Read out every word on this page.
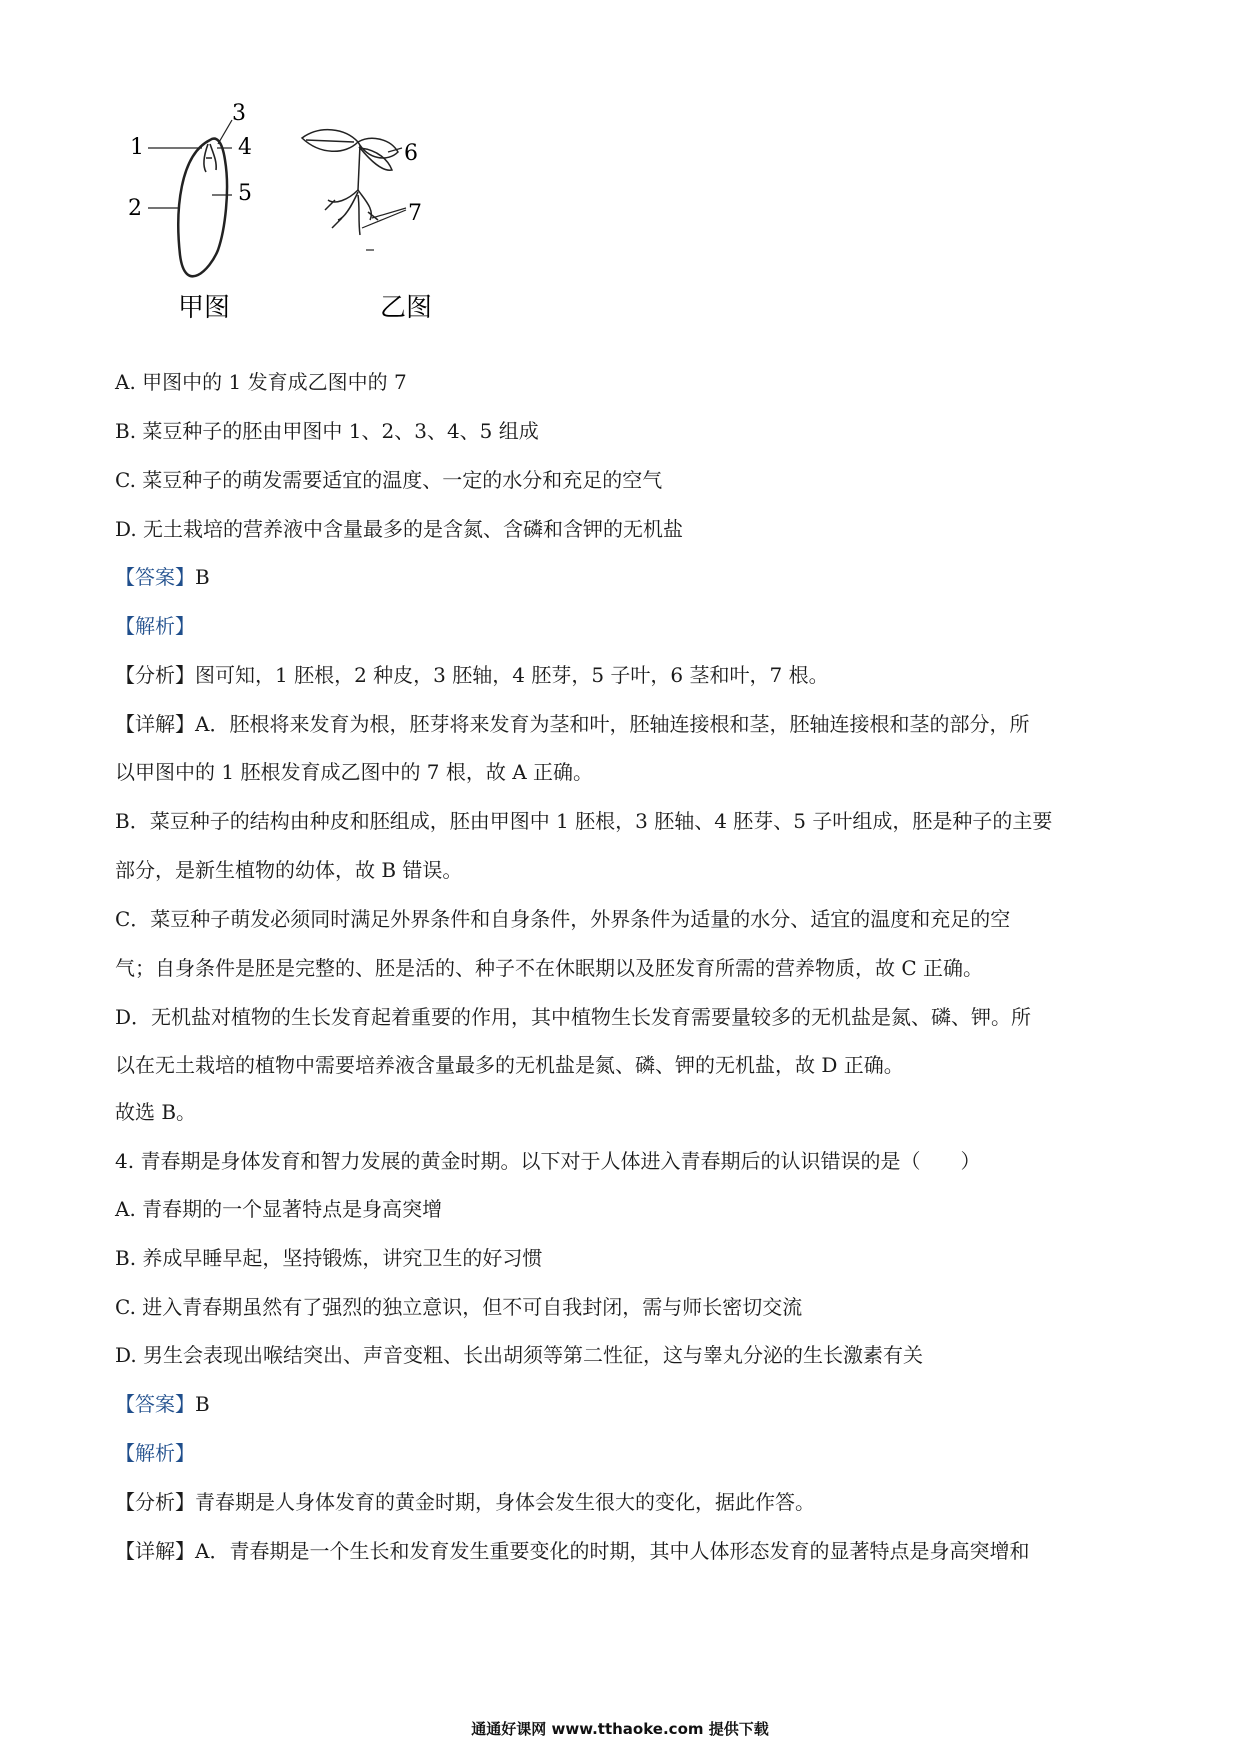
1
2
3
4
5
6
7
甲图	乙图
A. 甲图中的 1 发育成乙图中的 7
B. 菜豆种子的胚由甲图中 1、2、3、4、5 组成
C. 菜豆种子的萌发需要适宜的温度、一定的水分和充足的空气
D. 无土栽培的营养液中含量最多的是含氮、含磷和含钾的无机盐
【答案】B
【解析】
【分析】图可知，1 胚根，2 种皮，3 胚轴，4 胚芽，5 子叶，6 茎和叶，7 根。
【详解】A．胚根将来发育为根，胚芽将来发育为茎和叶，胚轴连接根和茎，胚轴连接根和茎的部分，所
以甲图中的 1 胚根发育成乙图中的 7 根，故 A 正确。
B．菜豆种子的结构由种皮和胚组成，胚由甲图中 1 胚根，3 胚轴、4 胚芽、5 子叶组成，胚是种子的主要
部分，是新生植物的幼体，故 B 错误。
C．菜豆种子萌发必须同时满足外界条件和自身条件，外界条件为适量的水分、适宜的温度和充足的空
气；自身条件是胚是完整的、胚是活的、种子不在休眠期以及胚发育所需的营养物质，故 C 正确。
D．无机盐对植物的生长发育起着重要的作用，其中植物生长发育需要量较多的无机盐是氮、磷、钾。所
以在无土栽培的植物中需要培养液含量最多的无机盐是氮、磷、钾的无机盐，故 D 正确。
故选 B。
4. 青春期是身体发育和智力发展的黄金时期。以下对于人体进入青春期后的认识错误的是（　　）
A. 青春期的一个显著特点是身高突增
B. 养成早睡早起，坚持锻炼，讲究卫生的好习惯
C. 进入青春期虽然有了强烈的独立意识，但不可自我封闭，需与师长密切交流
D. 男生会表现出喉结突出、声音变粗、长出胡须等第二性征，这与睾丸分泌的生长激素有关
【答案】B
【解析】
【分析】青春期是人身体发育的黄金时期，身体会发生很大的变化，据此作答。
【详解】A．青春期是一个生长和发育发生重要变化的时期，其中人体形态发育的显著特点是身高突增和
通通好课网 www.tthaoke.com 提供下载
